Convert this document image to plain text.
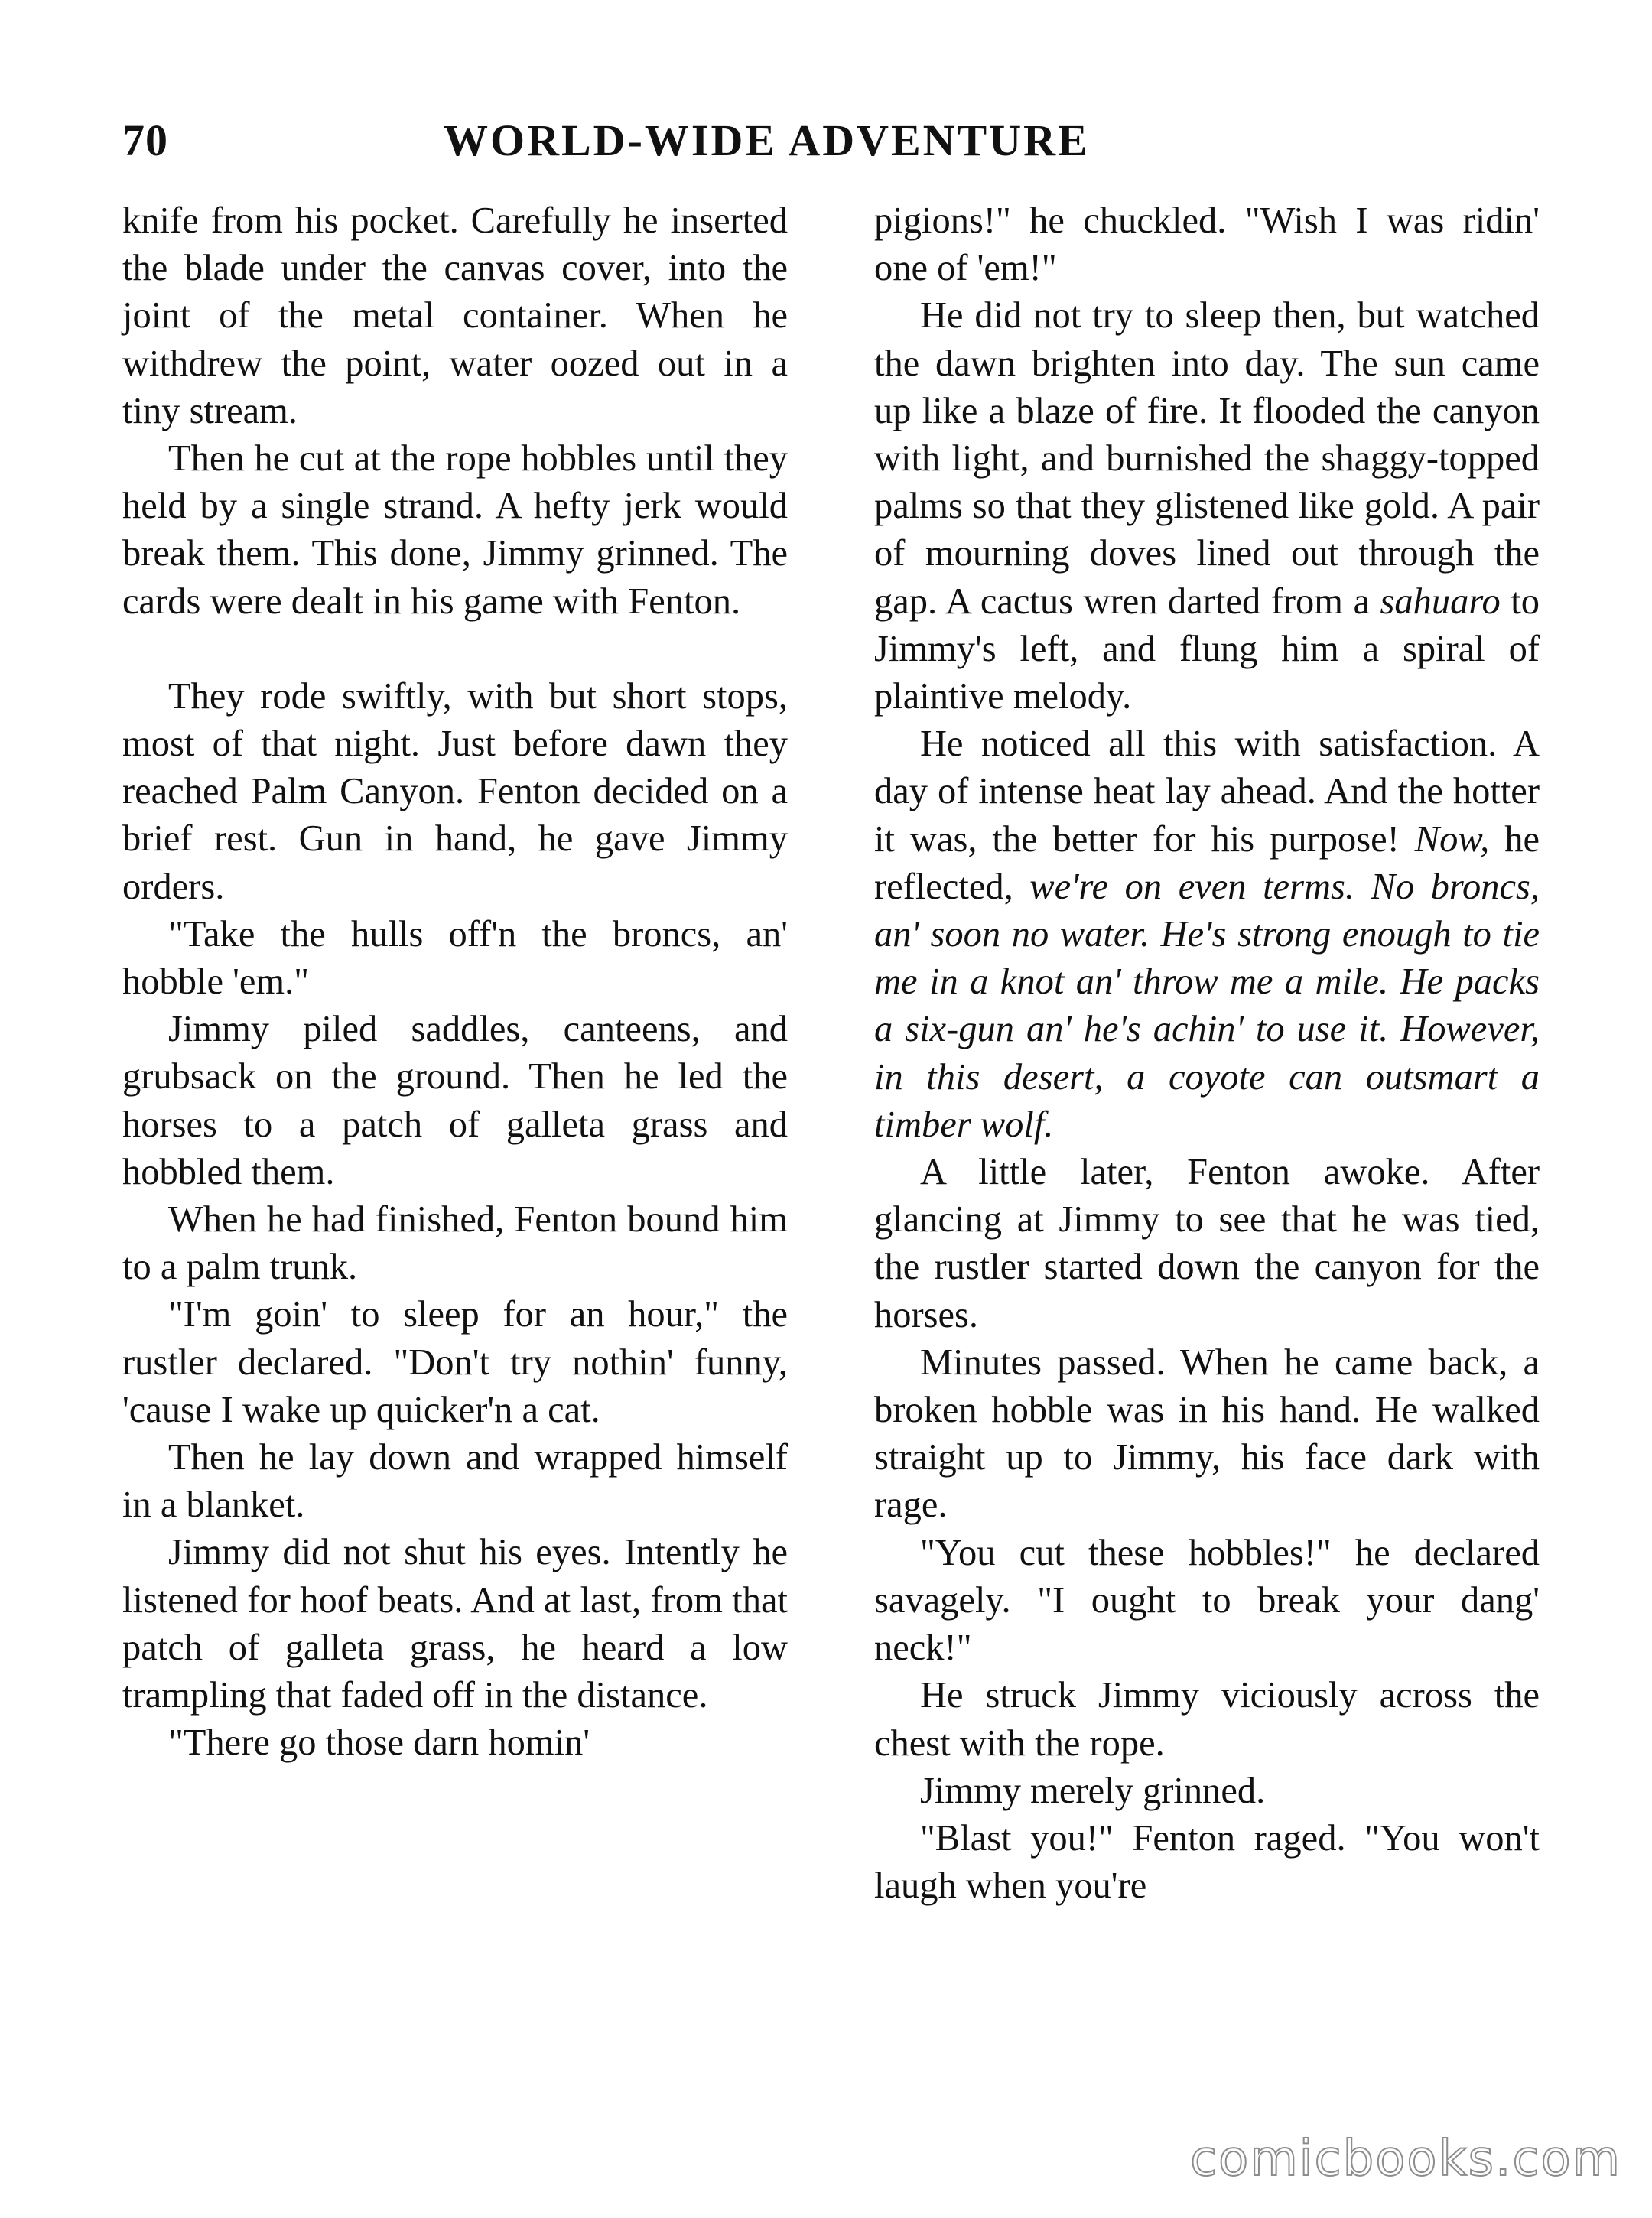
70	WORLD-WIDE ADVENTURE

knife from his pocket. Carefully he inserted the blade under the canvas cover, into the joint of the metal container. When he withdrew the point, water oozed out in a tiny stream.

Then he cut at the rope hobbles until they held by a single strand. A hefty jerk would break them. This done, Jimmy grinned. The cards were dealt in his game with Fenton.

They rode swiftly, with but short stops, most of that night. Just before dawn they reached Palm Canyon. Fenton decided on a brief rest. Gun in hand, he gave Jimmy orders.

"Take the hulls off'n the broncs, an' hobble 'em."

Jimmy piled saddles, canteens, and grubsack on the ground. Then he led the horses to a patch of galleta grass and hobbled them.

When he had finished, Fenton bound him to a palm trunk.

"I'm goin' to sleep for an hour," the rustler declared. "Don't try nothin' funny, 'cause I wake up quicker'n a cat.

Then he lay down and wrapped himself in a blanket.

Jimmy did not shut his eyes. Intently he listened for hoof beats. And at last, from that patch of galleta grass, he heard a low trampling that faded off in the distance.

"There go those darn homin'

pigions!" he chuckled. "Wish I was ridin' one of 'em!"

He did not try to sleep then, but watched the dawn brighten into day. The sun came up like a blaze of fire. It flooded the canyon with light, and burnished the shaggy-topped palms so that they glistened like gold. A pair of mourning doves lined out through the gap. A cactus wren darted from a sahuaro to Jimmy's left, and flung him a spiral of plaintive melody.

He noticed all this with satisfaction. A day of intense heat lay ahead. And the hotter it was, the better for his purpose! Now, he reflected, we're on even terms. No broncs, an' soon no water. He's strong enough to tie me in a knot an' throw me a mile. He packs a six-gun an' he's achin' to use it. However, in this desert, a coyote can outsmart a timber wolf.

A little later, Fenton awoke. After glancing at Jimmy to see that he was tied, the rustler started down the canyon for the horses.

Minutes passed. When he came back, a broken hobble was in his hand. He walked straight up to Jimmy, his face dark with rage.

"You cut these hobbles!" he declared savagely. "I ought to break your dang' neck!"

He struck Jimmy viciously across the chest with the rope.

Jimmy merely grinned.

"Blast you!" Fenton raged. "You won't laugh when you're

comicbooks.com
